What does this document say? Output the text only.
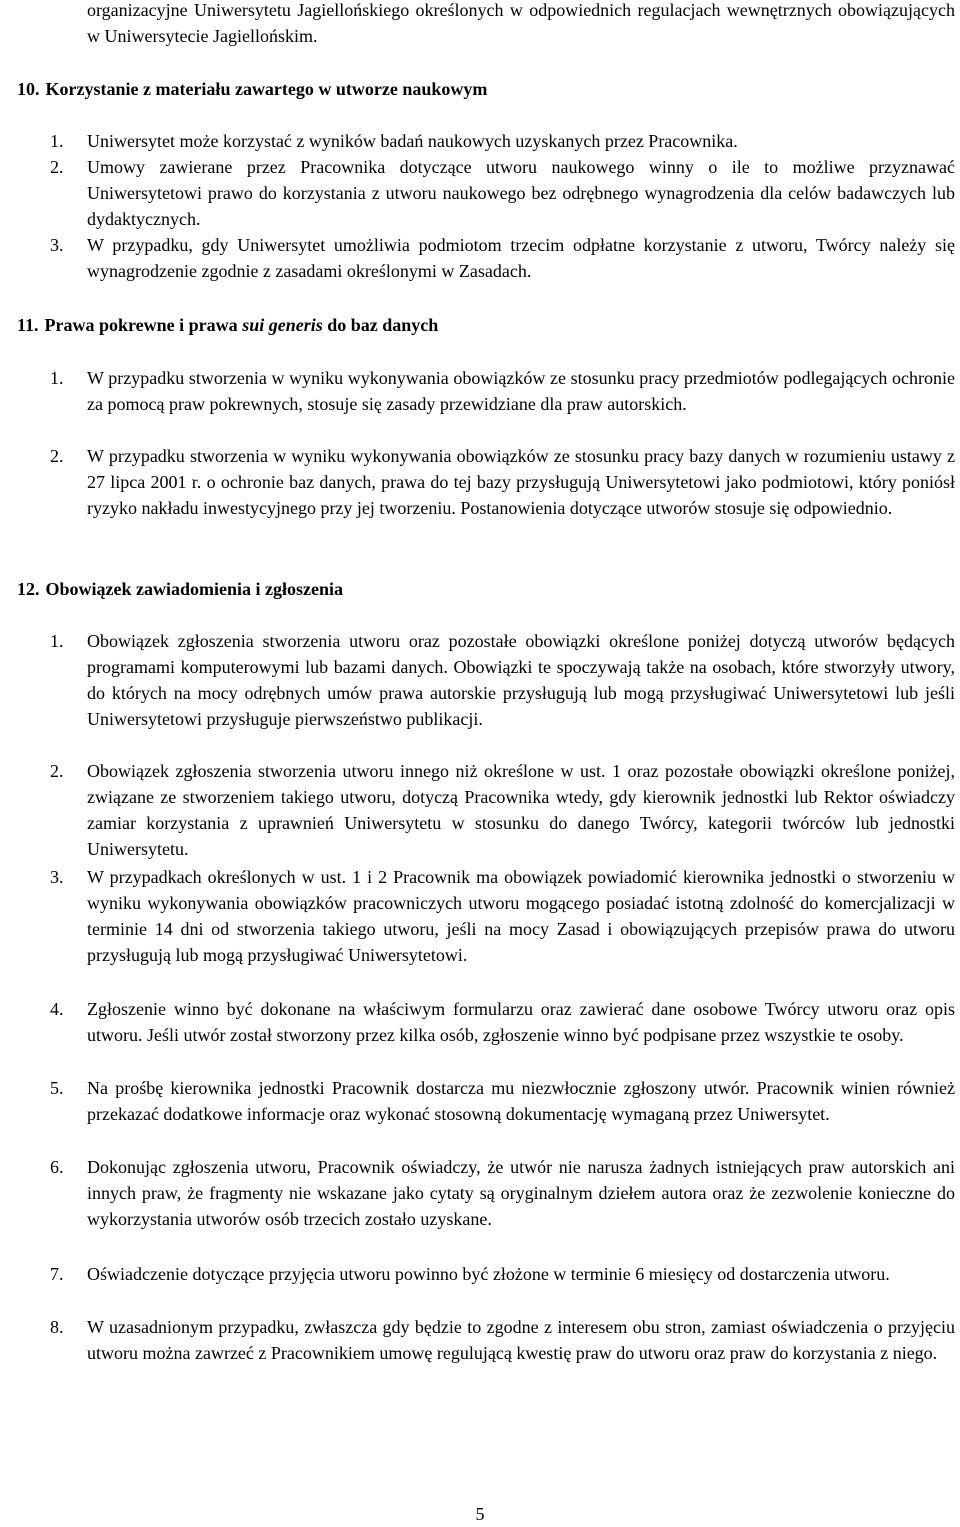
organizacyjne Uniwersytetu Jagiellońskiego określonych w odpowiednich regulacjach wewnętrznych obowiązujących w Uniwersytecie Jagiellońskim.
10. Korzystanie z materiału zawartego w utworze naukowym
1.	Uniwersytet może korzystać z wyników badań naukowych uzyskanych przez Pracownika.
2.	Umowy zawierane przez Pracownika dotyczące utworu naukowego winny o ile to możliwe przyznawać Uniwersytetowi prawo do korzystania z utworu naukowego bez odrębnego wynagrodzenia dla celów badawczych lub dydaktycznych.
3.	W przypadku, gdy Uniwersytet umożliwia podmiotom trzecim odpłatne korzystanie z utworu, Twórcy należy się wynagrodzenie zgodnie z zasadami określonymi w Zasadach.
11. Prawa pokrewne i prawa sui generis do baz danych
1.	W przypadku stworzenia w wyniku wykonywania obowiązków ze stosunku pracy przedmiotów podlegających ochronie za pomocą praw pokrewnych, stosuje się zasady przewidziane dla praw autorskich.
2.	W przypadku stworzenia w wyniku wykonywania obowiązków ze stosunku pracy bazy danych w rozumieniu ustawy z 27 lipca 2001 r. o ochronie baz danych, prawa do tej bazy przysługują Uniwersytetowi jako podmiotowi, który poniósł ryzyko nakładu inwestycyjnego przy jej tworzeniu. Postanowienia dotyczące utworów stosuje się odpowiednio.
12. Obowiązek zawiadomienia i zgłoszenia
1.	Obowiązek zgłoszenia stworzenia utworu oraz pozostałe obowiązki określone poniżej dotyczą utworów będących programami komputerowymi lub bazami danych. Obowiązki te spoczywają także na osobach, które stworzyły utwory, do których na mocy odrębnych umów prawa autorskie przysługują lub mogą przysługiwać Uniwersytetowi lub jeśli Uniwersytetowi przysługuje pierwszeństwo publikacji.
2.	Obowiązek zgłoszenia stworzenia utworu innego niż określone w ust. 1 oraz pozostałe obowiązki określone poniżej, związane ze stworzeniem takiego utworu, dotyczą Pracownika wtedy, gdy kierownik jednostki lub Rektor oświadczy zamiar korzystania z uprawnień Uniwersytetu w stosunku do danego Twórcy, kategorii twórców lub jednostki Uniwersytetu.
3.	W przypadkach określonych w ust. 1 i 2 Pracownik ma obowiązek powiadomić kierownika jednostki o stworzeniu w wyniku wykonywania obowiązków pracowniczych utworu mogącego posiadać istotną zdolność do komercjalizacji w terminie 14 dni od stworzenia takiego utworu, jeśli na mocy Zasad i obowiązujących przepisów prawa do utworu przysługują lub mogą przysługiwać Uniwersytetowi.
4.	Zgłoszenie winno być dokonane na właściwym formularzu oraz zawierać dane osobowe Twórcy utworu oraz opis utworu. Jeśli utwór został stworzony przez kilka osób, zgłoszenie winno być podpisane przez wszystkie te osoby.
5.	Na prośbę kierownika jednostki Pracownik dostarcza mu niezwłocznie zgłoszony utwór. Pracownik winien również przekazać dodatkowe informacje oraz wykonać stosowną dokumentację wymaganą przez Uniwersytet.
6.	Dokonując zgłoszenia utworu, Pracownik oświadczy, że utwór nie narusza żadnych istniejących praw autorskich ani innych praw, że fragmenty nie wskazane jako cytaty są oryginalnym dziełem autora oraz że zezwolenie konieczne do wykorzystania utworów osób trzecich zostało uzyskane.
7.	Oświadczenie dotyczące przyjęcia utworu powinno być złożone w terminie 6 miesięcy od dostarczenia utworu.
8.	W uzasadnionym przypadku, zwłaszcza gdy będzie to zgodne z interesem obu stron, zamiast oświadczenia o przyjęciu utworu można zawrzeć z Pracownikiem umowę regulującą kwestię praw do utworu oraz praw do korzystania z niego.
5
